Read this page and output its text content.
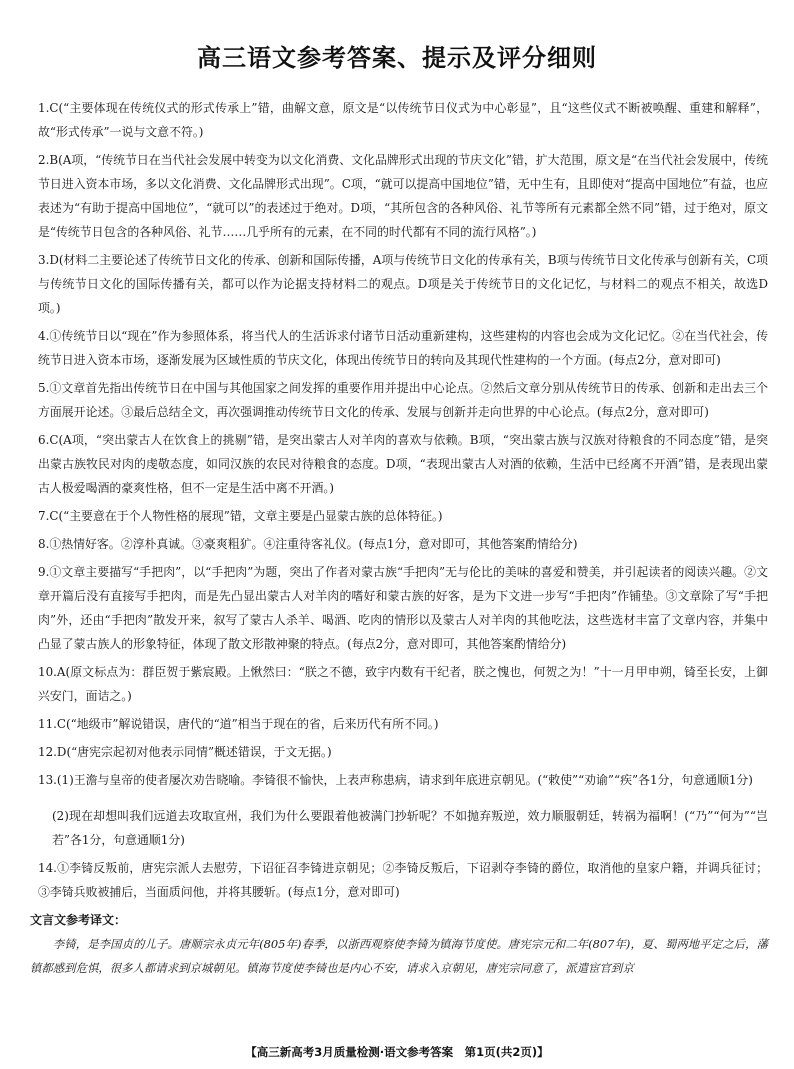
高三语文参考答案、提示及评分细则

1.C(“主要体现在传统仪式的形式传承上”错，曲解文意，原文是“以传统节日仪式为中心彰显”，且“这些仪式不断被唤醒、重建和解释”，故“形式传承”一说与文意不符。)

2.B(A项，“传统节日在当代社会发展中转变为以文化消费、文化品牌形式出现的节庆文化”错，扩大范围，原文是“在当代社会发展中，传统节日进入资本市场，多以文化消费、文化品牌形式出现”。C项，“就可以提高中国地位”错，无中生有，且即使对“提高中国地位”有益，也应表述为“有助于提高中国地位”，“就可以”的表述过于绝对。D项，“其所包含的各种风俗、礼节等所有元素都全然不同”错，过于绝对，原文是“传统节日包含的各种风俗、礼节……几乎所有的元素，在不同的时代都有不同的流行风格”。)

3.D(材料二主要论述了传统节日文化的传承、创新和国际传播，A项与传统节日文化的传承有关，B项与传统节日文化传承与创新有关，C项与传统节日文化的国际传播有关，都可以作为论据支持材料二的观点。D项是关于传统节日的文化记忆，与材料二的观点不相关，故选D项。)

4.①传统节日以“现在”作为参照体系，将当代人的生活诉求付诸节日活动重新建构，这些建构的内容也会成为文化记忆。②在当代社会，传统节日进入资本市场，逐渐发展为区域性质的节庆文化，体现出传统节日的转向及其现代性建构的一个方面。(每点2分，意对即可)

5.①文章首先指出传统节日在中国与其他国家之间发挥的重要作用并提出中心论点。②然后文章分别从传统节日的传承、创新和走出去三个方面展开论述。③最后总结全文，再次强调推动传统节日文化的传承、发展与创新并走向世界的中心论点。(每点2分，意对即可)

6.C(A项，“突出蒙古人在饮食上的挑剔”错，是突出蒙古人对羊肉的喜欢与依赖。B项，“突出蒙古族与汉族对待粮食的不同态度”错，是突出蒙古族牧民对肉的虔敬态度，如同汉族的农民对待粮食的态度。D项，“表现出蒙古人对酒的依赖，生活中已经离不开酒”错，是表现出蒙古人极爱喝酒的豪爽性格，但不一定是生活中离不开酒。)

7.C(“主要意在于个人物性格的展现”错，文章主要是凸显蒙古族的总体特征。)

8.①热情好客。②淳朴真诚。③豪爽粗犷。④注重待客礼仪。(每点1分，意对即可，其他答案酌情给分)

9.①文章主要描写“手把肉”，以“手把肉”为题，突出了作者对蒙古族“手把肉”无与伦比的美味的喜爱和赞美，并引起读者的阅读兴趣。②文章开篇后没有直接写手把肉，而是先凸显出蒙古人对羊肉的嗜好和蒙古族的好客，是为下文进一步写“手把肉”作铺垫。③文章除了写“手把肉”外，还由“手把肉”散发开来，叙写了蒙古人杀羊、喝酒、吃肉的情形以及蒙古人对羊肉的其他吃法，这些选材丰富了文章内容，并集中凸显了蒙古族人的形象特征，体现了散文形散神聚的特点。(每点2分，意对即可，其他答案酌情给分)

10.A(原文标点为：群臣贺于紫宸殿。上愀然曰：“朕之不德，致宇内数有干纪者，朕之愧也，何贺之为！”十一月甲申朔，锜至长安，上御兴安门，面诘之。)

11.C(“地级市”解说错误，唐代的“道”相当于现在的省，后来历代有所不同。)

12.D(“唐宪宗起初对他表示同情”概述错误，于文无据。)

13.(1)王澹与皇帝的使者屡次劝告晓喻。李锜很不愉快，上表声称患病，请求到年底进京朝见。(“敕使”“劝谕”“疾”各1分，句意通顺1分)

(2)现在却想叫我们远道去攻取宣州，我们为什么要跟着他被满门抄斩呢？不如抛弃叛逆，效力顺服朝廷，转祸为福啊！(“乃”“何为”“岂若”各1分，句意通顺1分)

14.①李锜反叛前，唐宪宗派人去慰劳，下诏征召李锜进京朝见；②李锜反叛后，下诏剥夺李锜的爵位，取消他的皇家户籍，并调兵征讨；③李锜兵败被捕后，当面质问他，并将其腰斩。(每点1分，意对即可)

文言文参考译文：
李锜，是李国贞的儿子。唐顺宗永贞元年(805年)春季，以浙西观察使李锜为镇海节度使。唐宪宗元和二年(807年)，夏、蜀两地平定之后，藩镇都感到危惧，很多人都请求到京城朝见。镇海节度使李锜也是内心不安，请求入京朝见，唐宪宗同意了，派遣宦官到京
【高三新高考3月质量检测·语文参考答案　第1页(共2页)】
